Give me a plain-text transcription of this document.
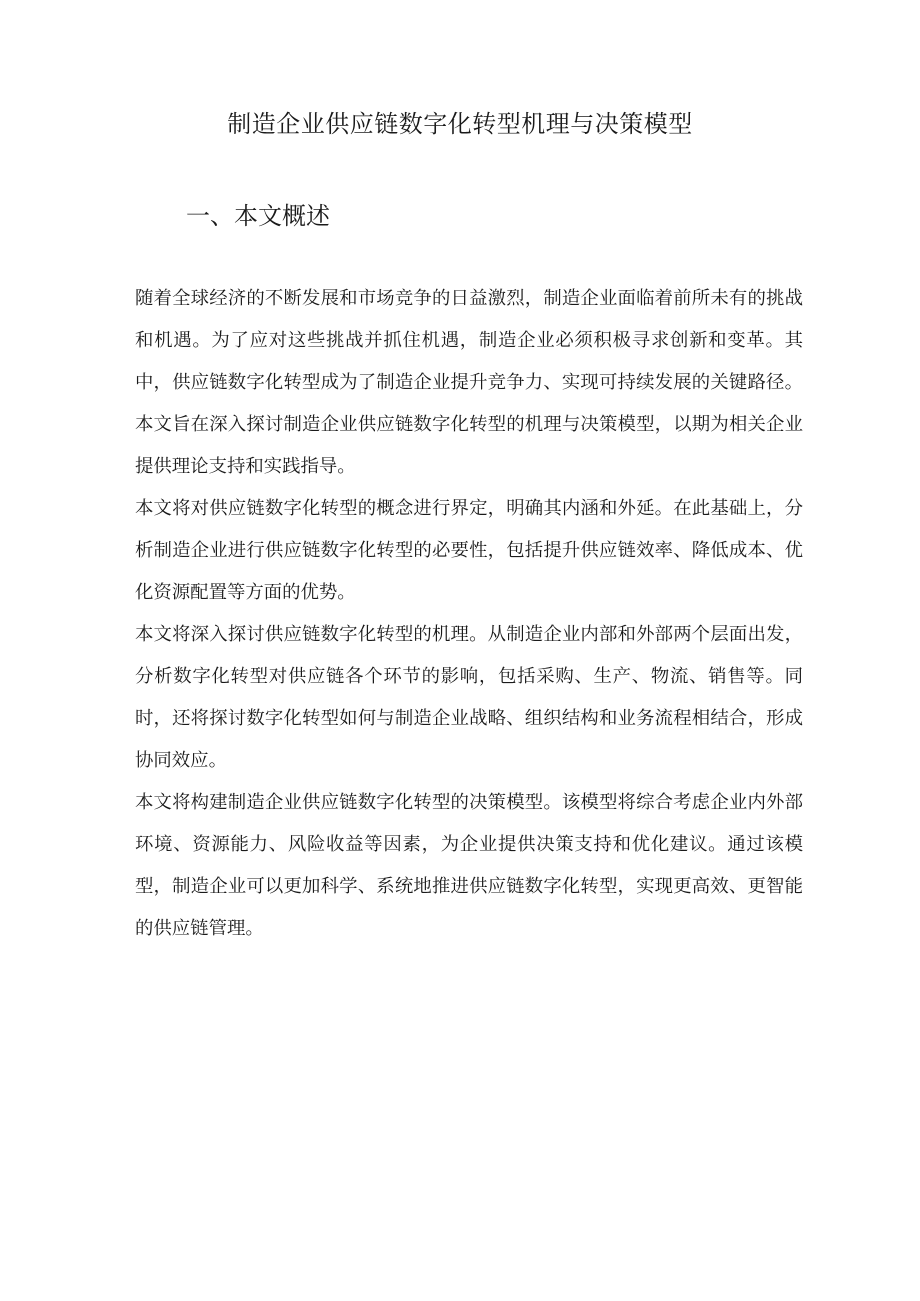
制造企业供应链数字化转型机理与决策模型
一、本文概述

随着全球经济的不断发展和市场竞争的日益激烈，制造企业面临着前所未有的挑战和机遇。为了应对这些挑战并抓住机遇，制造企业必须积极寻求创新和变革。其中，供应链数字化转型成为了制造企业提升竞争力、实现可持续发展的关键路径。本文旨在深入探讨制造企业供应链数字化转型的机理与决策模型，以期为相关企业提供理论支持和实践指导。

本文将对供应链数字化转型的概念进行界定，明确其内涵和外延。在此基础上，分析制造企业进行供应链数字化转型的必要性，包括提升供应链效率、降低成本、优化资源配置等方面的优势。

本文将深入探讨供应链数字化转型的机理。从制造企业内部和外部两个层面出发，分析数字化转型对供应链各个环节的影响，包括采购、生产、物流、销售等。同时，还将探讨数字化转型如何与制造企业战略、组织结构和业务流程相结合，形成协同效应。

本文将构建制造企业供应链数字化转型的决策模型。该模型将综合考虑企业内外部环境、资源能力、风险收益等因素，为企业提供决策支持和优化建议。通过该模型，制造企业可以更加科学、系统地推进供应链数字化转型，实现更高效、更智能的供应链管理。
